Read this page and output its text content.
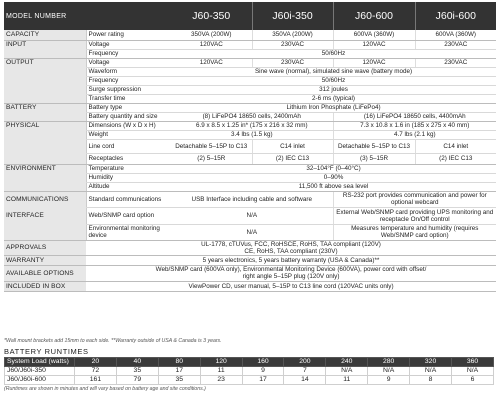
MODEL NUMBER		J60-350	J60i-350	J60-600	J60i-600
CAPACITY	Power rating	350VA (200W)	350VA (200W)	600VA (360W)	600VA (360W)
INPUT	Voltage	120VAC	230VAC	120VAC	230VAC
	Frequency	50/60Hz			
OUTPUT	Voltage	120VAC	230VAC	120VAC	230VAC
	Waveform	Sine wave (normal), simulated sine wave (battery mode)			
	Frequency	50/60Hz			
	Surge suppression	312 joules			
	Transfer time	2-6 ms (typical)			
BATTERY	Battery type	Lithium Iron Phosphate (LiFePo4)			
	Battery quantity and size	(8) LiFePO4 18650 cells, 2400mAh		(16) LiFePO4 18650 cells, 4400mAh	
PHYSICAL	Dimensions (W x D x H)	6.9 x 8.5 x 1.25 in* (175 x 216 x 32 mm)		7.3 x 10.8 x 1.6 in (185 x 275 x 40 mm)	
	Weight	3.4 lbs (1.5 kg)		4.7 lbs (2.1 kg)	
	Line cord	Detachable 5–15P to C13	C14 inlet	Detachable 5–15P to C13	C14 inlet
	Receptacles	(2) 5–15R	(2) IEC C13	(3) 5–15R	(2) IEC C13
ENVIRONMENT	Temperature	32–104°F (0–40°C)			
	Humidity	0–90%			
	Altitude	11,500 ft above sea level			
COMMUNICATIONS	Standard communications	USB Interface including cable and software		RS-232 port provides communication and power for optional webcard	
INTERFACE	Web/SNMP card option	N/A		External Web/SNMP card providing UPS monitoring and receptacle On/Off control	
	Environmental monitoring device	N/A		Measures temperature and humidity (requires Web/SNMP card option)	
APPROVALS	UL-1778, cTUVus, FCC, RoHSCE, RoHS, TAA compliant (120V)
CE, RoHS, TAA compliant (230V)				

WARRANTY	5 years electronics, 5 years battery warranty (USA & Canada)**				
AVAILABLE OPTIONS	Web/SNMP card (600VA only), Environmental Monitoring Device (600VA), power cord with offset/
right angle 5–15P plug (120V only)				

INCLUDED IN BOX	ViewPower CD, user manual, 5–15P to C13 line cord (120VAC units only)				
*Wall mount brackets add 15mm to each side. **Warranty outside of USA & Canada is 3 years.
BATTERY RUNTIMES
System Load (watts)	20	40	80	120	160	200	240	280	320	360
J60/J60i-350	72	35	17	11	9	7	N/A	N/A	N/A	N/A
J60/J60i-600	161	79	35	23	17	14	11	9	8	6
(Runtimes are shown in minutes and will vary based on battery age and site conditions.)
